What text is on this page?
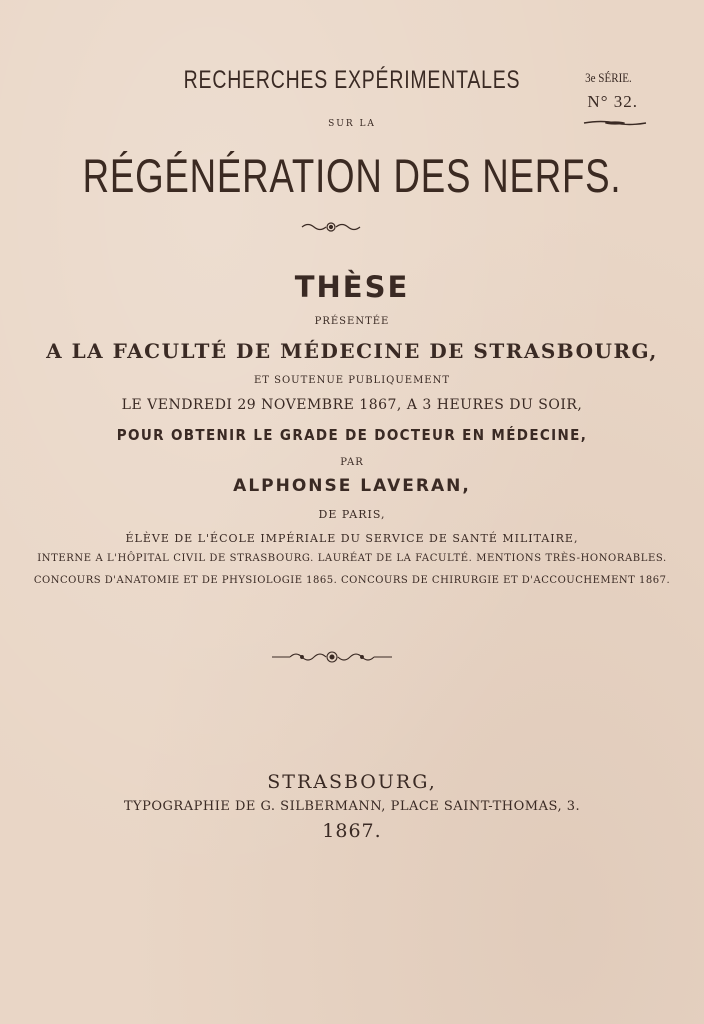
3e SÉRIE.
N° 32.
RECHERCHES EXPÉRIMENTALES
SUR LA
RÉGÉNÉRATION DES NERFS.
THÈSE
PRÉSENTÉE
A LA FACULTÉ DE MÉDECINE DE STRASBOURG,
ET SOUTENUE PUBLIQUEMENT
LE VENDREDI 29 NOVEMBRE 1867, A 3 HEURES DU SOIR,
POUR OBTENIR LE GRADE DE DOCTEUR EN MÉDECINE,
PAR
ALPHONSE LAVERAN,
DE PARIS,
ÉLÈVE DE L'ÉCOLE IMPÉRIALE DU SERVICE DE SANTÉ MILITAIRE,
INTERNE A L'HÔPITAL CIVIL DE STRASBOURG. LAURÉAT DE LA FACULTÉ. MENTIONS TRÈS-HONORABLES.
CONCOURS D'ANATOMIE ET DE PHYSIOLOGIE 1865. CONCOURS DE CHIRURGIE ET D'ACCOUCHEMENT 1867.
STRASBOURG,
TYPOGRAPHIE DE G. SILBERMANN, PLACE SAINT-THOMAS, 3.
1867.
